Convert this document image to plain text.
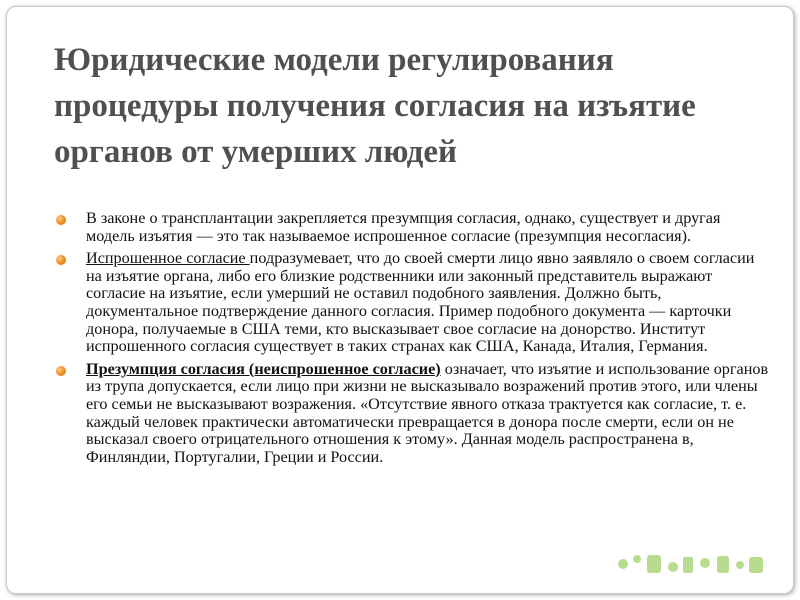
Юридические модели регулирования процедуры получения согласия на изъятие органов от умерших людей
В законе о трансплантации закрепляется презумпция согласия, однако, существует и другая модель изъятия — это так называемое испрошенное согласие (презумпция несогласия).
Испрошенное согласие подразумевает, что до своей смерти лицо явно заявляло о своем согласии на изъятие органа, либо его близкие родственники или законный представитель выражают согласие на изъятие, если умерший не оставил подобного заявления. Должно быть, документальное подтверждение данного согласия. Пример подобного документа — карточки донора, получаемые в США теми, кто высказывает свое согласие на донорство. Институт испрошенного согласия существует в таких странах как США, Канада, Италия, Германия.
Презумпция согласия (неиспрошенное согласие) означает, что изъятие и использование органов из трупа допускается, если лицо при жизни не высказывало возражений против этого, или члены его семьи не высказывают возражения. «Отсутствие явного отказа трактуется как согласие, т. е. каждый человек практически автоматически превращается в донора после смерти, если он не высказал своего отрицательного отношения к этому». Данная модель распространена в, Финляндии, Португалии, Греции и России.
